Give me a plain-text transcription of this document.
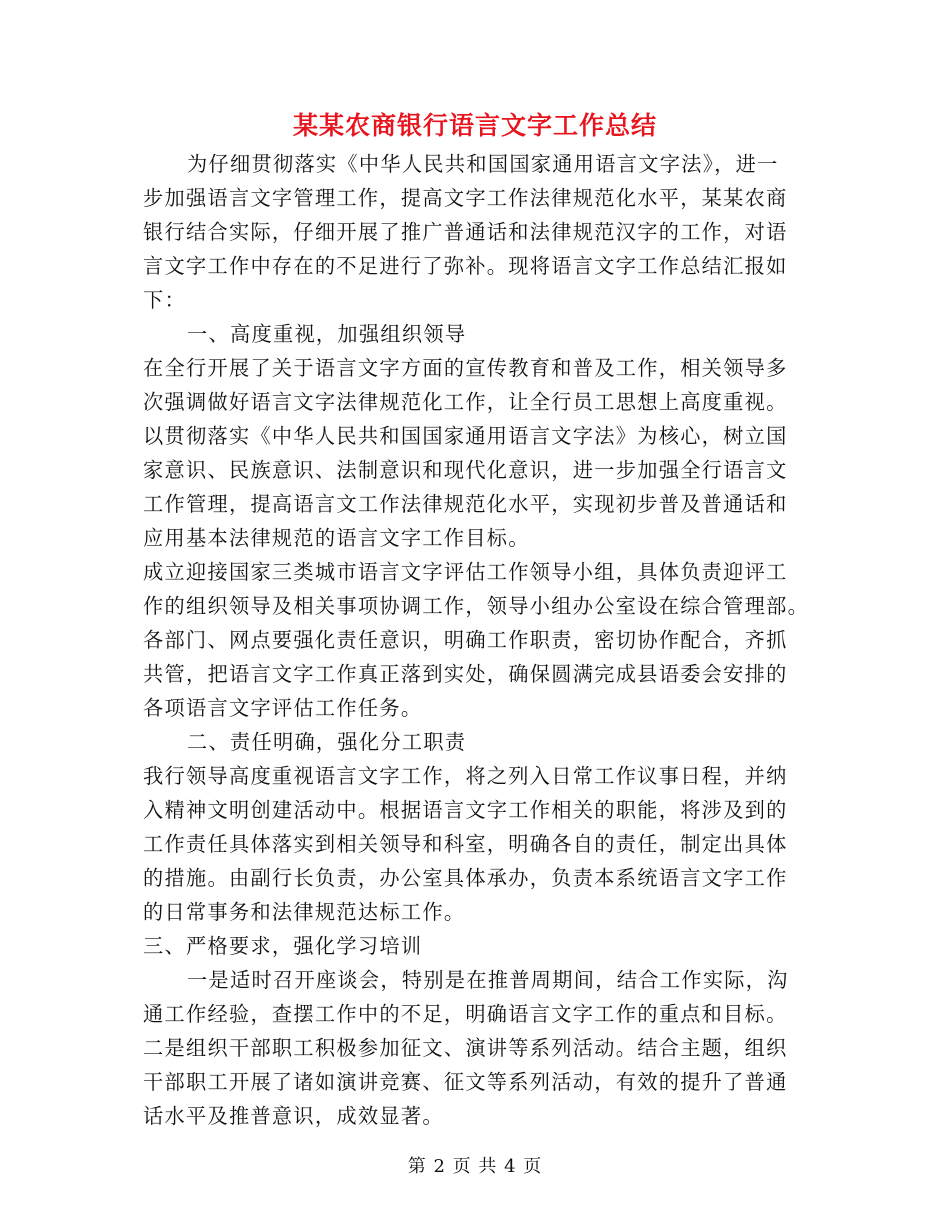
某某农商银行语言文字工作总结
为仔细贯彻落实《中华人民共和国国家通用语言文字法》，进一
步加强语言文字管理工作，提高文字工作法律规范化水平，某某农商
银行结合实际，仔细开展了推广普通话和法律规范汉字的工作，对语
言文字工作中存在的不足进行了弥补。现将语言文字工作总结汇报如
下：
一、高度重视，加强组织领导
在全行开展了关于语言文字方面的宣传教育和普及工作，相关领导多
次强调做好语言文字法律规范化工作，让全行员工思想上高度重视。
以贯彻落实《中华人民共和国国家通用语言文字法》为核心，树立国
家意识、民族意识、法制意识和现代化意识，进一步加强全行语言文
工作管理，提高语言文工作法律规范化水平，实现初步普及普通话和
应用基本法律规范的语言文字工作目标。
成立迎接国家三类城市语言文字评估工作领导小组，具体负责迎评工
作的组织领导及相关事项协调工作，领导小组办公室设在综合管理部。
各部门、网点要强化责任意识，明确工作职责，密切协作配合，齐抓
共管，把语言文字工作真正落到实处，确保圆满完成县语委会安排的
各项语言文字评估工作任务。
二、责任明确，强化分工职责
我行领导高度重视语言文字工作，将之列入日常工作议事日程，并纳
入精神文明创建活动中。根据语言文字工作相关的职能，将涉及到的
工作责任具体落实到相关领导和科室，明确各自的责任，制定出具体
的措施。由副行长负责，办公室具体承办，负责本系统语言文字工作
的日常事务和法律规范达标工作。
三、严格要求，强化学习培训
一是适时召开座谈会，特别是在推普周期间，结合工作实际，沟
通工作经验，查摆工作中的不足，明确语言文字工作的重点和目标。
二是组织干部职工积极参加征文、演讲等系列活动。结合主题，组织
干部职工开展了诸如演讲竞赛、征文等系列活动，有效的提升了普通
话水平及推普意识，成效显著。
第 2 页 共 4 页
